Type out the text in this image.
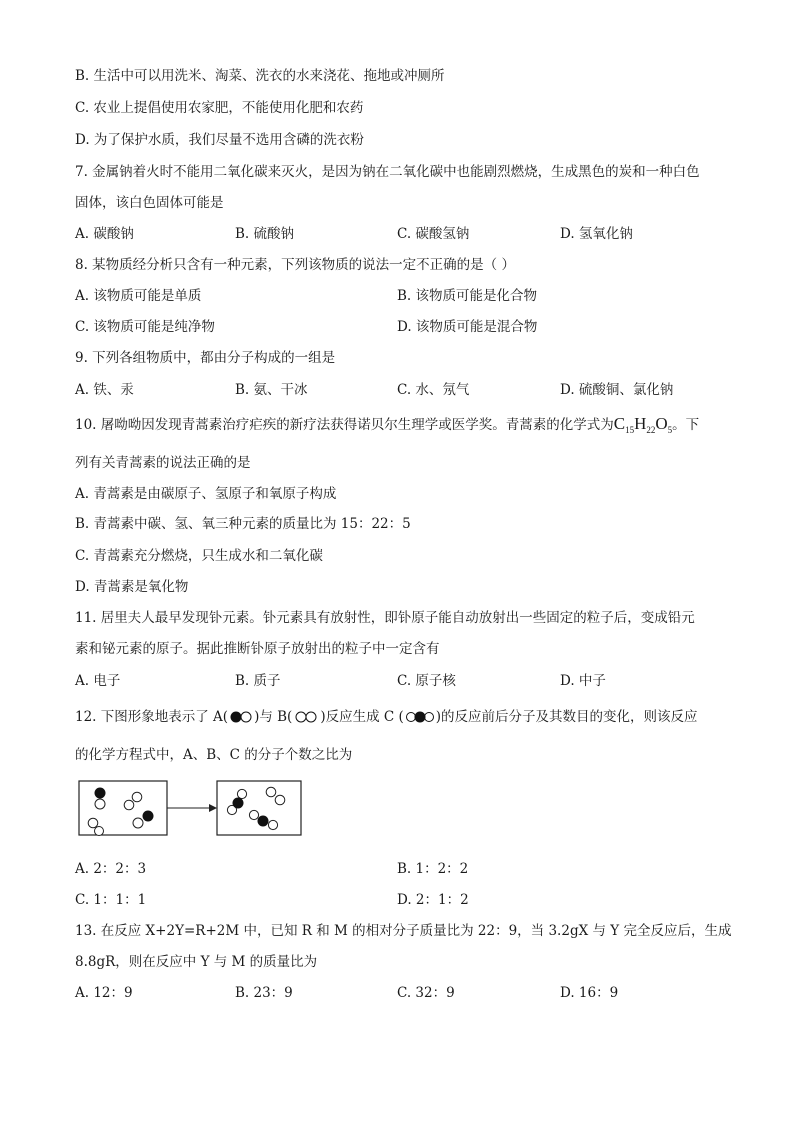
B. 生活中可以用洗米、淘菜、洗衣的水来浇花、拖地或冲厕所
C. 农业上提倡使用农家肥，不能使用化肥和农药
D. 为了保护水质，我们尽量不选用含磷的洗衣粉
7. 金属钠着火时不能用二氧化碳来灭火，是因为钠在二氧化碳中也能剧烈燃烧，生成黑色的炭和一种白色
固体，该白色固体可能是
A. 碳酸钠	B. 硫酸钠	C. 碳酸氢钠	D. 氢氧化钠
8. 某物质经分析只含有一种元素，下列该物质的说法一定不正确的是（ ）
A. 该物质可能是单质	B. 该物质可能是化合物
C. 该物质可能是纯净物	D. 该物质可能是混合物
9. 下列各组物质中，都由分子构成的一组是
A. 铁、汞	B. 氨、干冰	C. 水、氖气	D. 硫酸铜、氯化钠
10. 屠呦呦因发现青蒿素治疗疟疾的新疗法获得诺贝尔生理学或医学奖。青蒿素的化学式为$C_{15}H_{22}O_5$。下
列有关青蒿素的说法正确的是
A. 青蒿素是由碳原子、氢原子和氧原子构成
B. 青蒿素中碳、氢、氧三种元素的质量比为 15：22：5
C. 青蒿素充分燃烧，只生成水和二氧化碳
D. 青蒿素是氧化物
11. 居里夫人最早发现钋元素。钋元素具有放射性，即钋原子能自动放射出一些固定的粒子后，变成铅元
素和铋元素的原子。据此推断钋原子放射出的粒子中一定含有
A. 电子	B. 质子	C. 原子核	D. 中子
12. 下图形象地表示了 A( )与 B( )反应生成 C ( )的反应前后分子及其数目的变化，则该反应
的化学方程式中，A、B、C 的分子个数之比为
A. 2：2：3	B. 1：2：2
C. 1：1：1	D. 2：1：2
13. 在反应 X+2Y=R+2M 中，已知 R 和 M 的相对分子质量比为 22：9，当 3.2gX 与 Y 完全反应后，生成
8.8gR，则在反应中 Y 与 M 的质量比为
A. 12：9	B. 23：9	C. 32：9	D. 16：9
